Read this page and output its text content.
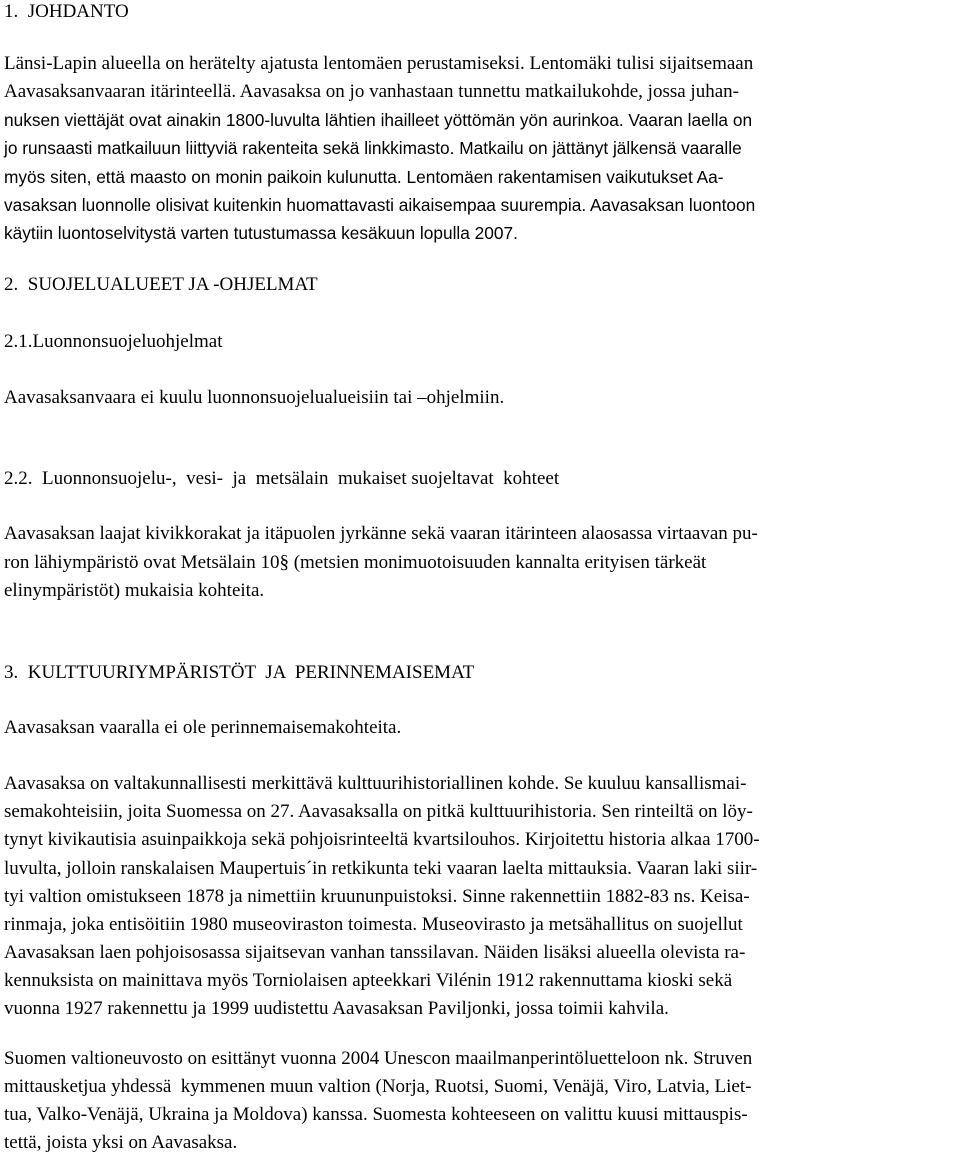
1.  JOHDANTO
Länsi-Lapin alueella on herätelty ajatusta lentomäen perustamiseksi. Lentomäki tulisi sijaitsemaan
Aavasaksanvaaran itärinteellä. Aavasaksa on jo vanhastaan tunnettu matkailukohde, jossa juhan-
nuksen viettäjät ovat ainakin 1800-luvulta lähtien ihailleet yöttömän yön aurinkoa. Vaaran laella on
jo runsaasti matkailuun liittyviä rakenteita sekä linkkimasto. Matkailu on jättänyt jälkensä vaaralle
myös siten, että maasto on monin paikoin kulunutta. Lentomäen rakentamisen vaikutukset Aa-
vasaksan luonnolle olisivat kuitenkin huomattavasti aikaisempaa suurempia. Aavasaksan luontoon
käytiin luontoselvitystä varten tutustumassa kesäkuun lopulla 2007.
2.  SUOJELUALUEET JA -OHJELMAT
2.1.Luonnonsuojeluohjelmat
Aavasaksanvaara ei kuulu luonnonsuojelualueisiin tai –ohjelmiin.
2.2.  Luonnonsuojelu-,  vesi-  ja  metsälain  mukaiset suojeltavat  kohteet
Aavasaksan laajat kivikkorakat ja itäpuolen jyrkänne sekä vaaran itärinteen alaosassa virtaavan pu-
ron lähiympäristö ovat Metsälain 10§ (metsien monimuotoisuuden kannalta erityisen tärkeät
elinympäristöt) mukaisia kohteita.
3.  KULTTUURIYMPÄRISTÖT  JA  PERINNEMAISEMAT
Aavasaksan vaaralla ei ole perinnemaisemakohteita.
Aavasaksa on valtakunnallisesti merkittävä kulttuurihistoriallinen kohde. Se kuuluu kansallismai-
semakohteisiin, joita Suomessa on 27. Aavasaksalla on pitkä kulttuurihistoria. Sen rinteiltä on löy-
tynyt kivikautisia asuinpaikkoja sekä pohjoisrinteeltä kvartsilouhos. Kirjoitettu historia alkaa 1700-
luvulta, jolloin ranskalaisen Maupertuis´in retkikunta teki vaaran laelta mittauksia. Vaaran laki siir-
tyi valtion omistukseen 1878 ja nimettiin kruununpuistoksi. Sinne rakennettiin 1882-83 ns. Keisa-
rinmaja, joka entisöitiin 1980 museoviraston toimesta. Museovirasto ja metsähallitus on suojellut
Aavasaksan laen pohjoisosassa sijaitsevan vanhan tanssilavan. Näiden lisäksi alueella olevista ra-
kennuksista on mainittava myös Torniolaisen apteekkari Vilénin 1912 rakennuttama kioski sekä
vuonna 1927 rakennettu ja 1999 uudistettu Aavasaksan Paviljonki, jossa toimii kahvila.
Suomen valtioneuvosto on esittänyt vuonna 2004 Unescon maailmanperintöluetteloon nk. Struven
mittausketjua yhdessä  kymmenen muun valtion (Norja, Ruotsi, Suomi, Venäjä, Viro, Latvia, Liet-
tua, Valko-Venäjä, Ukraina ja Moldova) kanssa. Suomesta kohteeseen on valittu kuusi mittauspis-
tettä, joista yksi on Aavasaksa.
